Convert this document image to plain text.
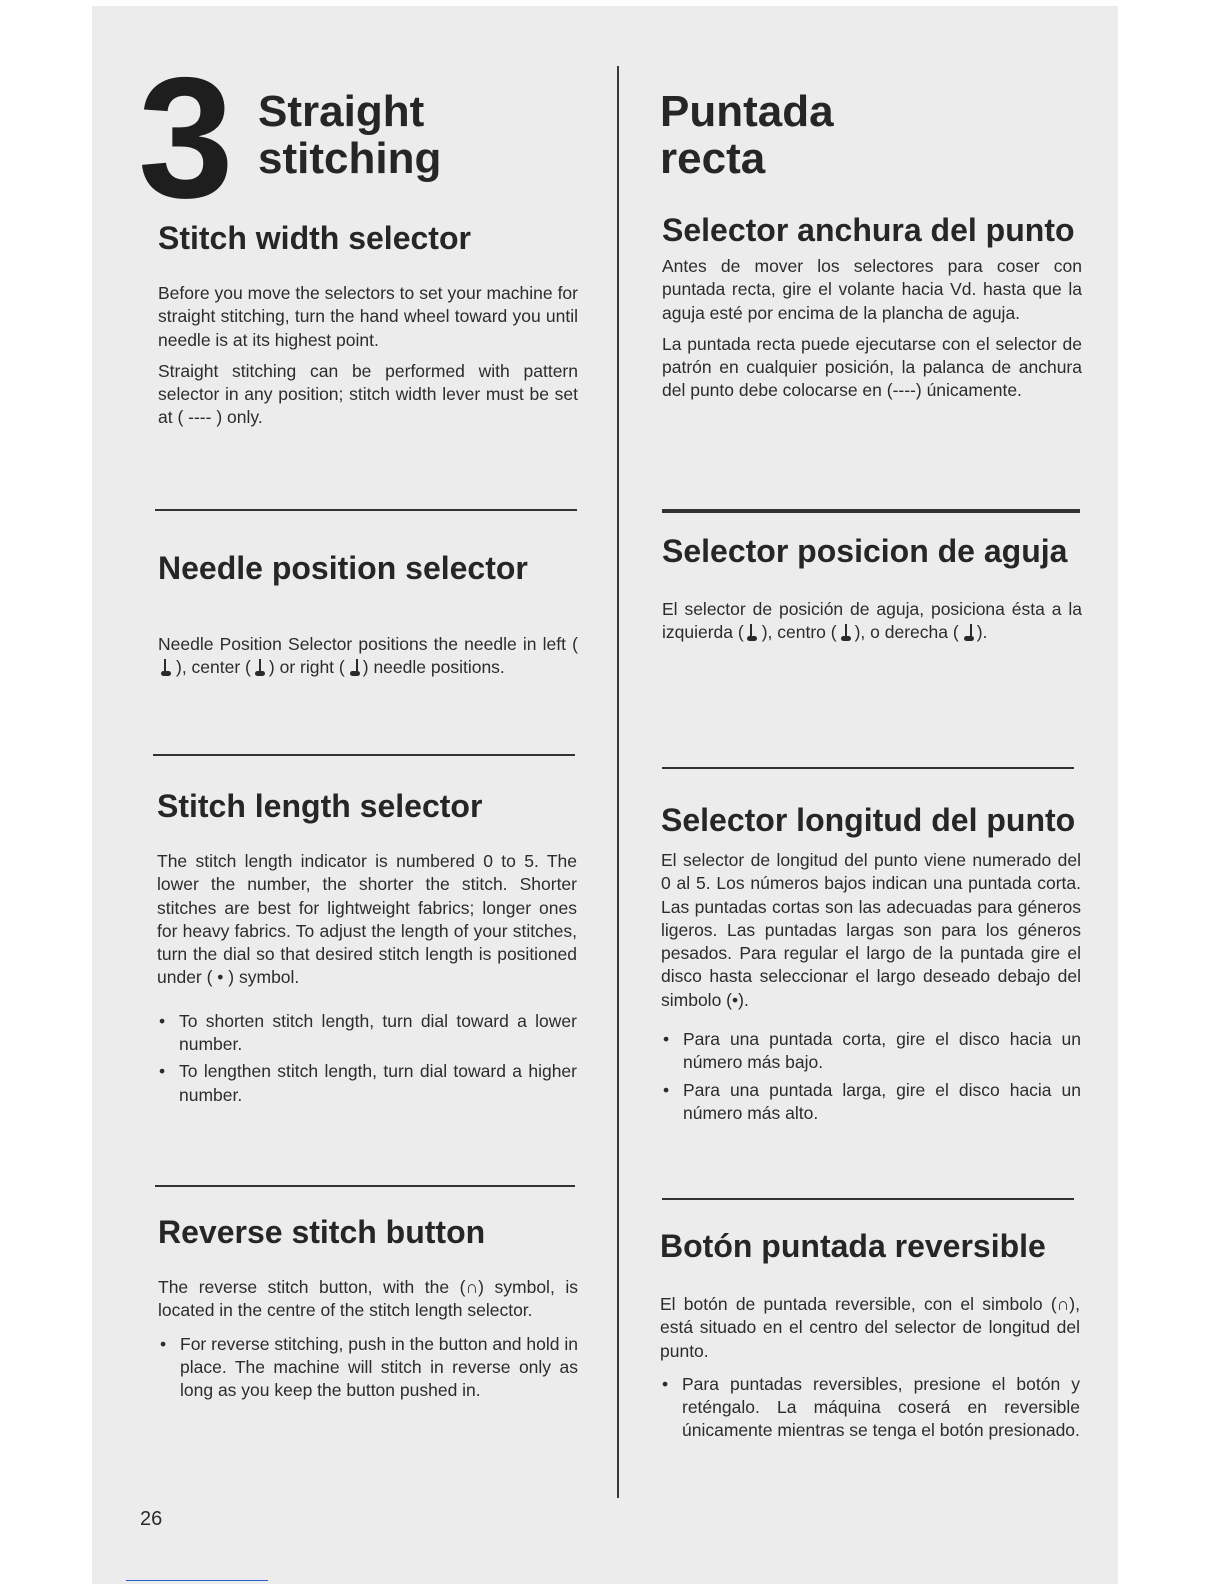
3 Straight
stitching
Puntada
recta
Stitch width selector

Before you move the selectors to set your machine for straight stitching, turn the hand wheel toward you until needle is at its highest point.

Straight stitching can be performed with pattern selector in any position; stitch width lever must be set at ( ---- ) only.

Needle position selector

Needle Position Selector positions the needle in left (
), center ( ) or right ( ) needle positions.

Stitch length selector

The stitch length indicator is numbered 0 to 5. The lower the number, the shorter the stitch. Shorter stitches are best for lightweight fabrics; longer ones for heavy fabrics. To adjust the length of your stitches, turn the dial so that desired stitch length is positioned under ( • ) symbol.

• To shorten stitch length, turn dial toward a lower number.
• To lengthen stitch length, turn dial toward a higher number.
Reverse stitch button

The reverse stitch button, with the (∩) symbol, is located in the centre of the stitch length selector.

• For reverse stitching, push in the button and hold in place. The machine will stitch in reverse only as long as you keep the button pushed in.
Selector anchura del punto

Antes de mover los selectores para coser con puntada recta, gire el volante hacia Vd. hasta que la aguja esté por encima de la plancha de aguja.

La puntada recta puede ejecutarse con el selector de patrón en cualquier posición, la palanca de anchura del punto debe colocarse en (----) únicamente.

Selector posicion de aguja

El selector de posición de aguja, posiciona ésta a la izquierda ( ), centro ( ), o derecha ( ).

Selector longitud del punto

El selector de longitud del punto viene numerado del 0 al 5. Los números bajos indican una puntada corta. Las puntadas cortas son las adecuadas para géneros ligeros. Las puntadas largas son para los géneros pesados. Para regular el largo de la puntada gire el disco hasta seleccionar el largo deseado debajo del simbolo (•).

• Para una puntada corta, gire el disco hacia un número más bajo.
• Para una puntada larga, gire el disco hacia un número más alto.
Botón puntada reversible

El botón de puntada reversible, con el simbolo (∩), está situado en el centro del selector de longitud del punto.

• Para puntadas reversibles, presione el botón y reténgalo. La máquina coserá en reversible únicamente mientras se tenga el botón presionado.
26
